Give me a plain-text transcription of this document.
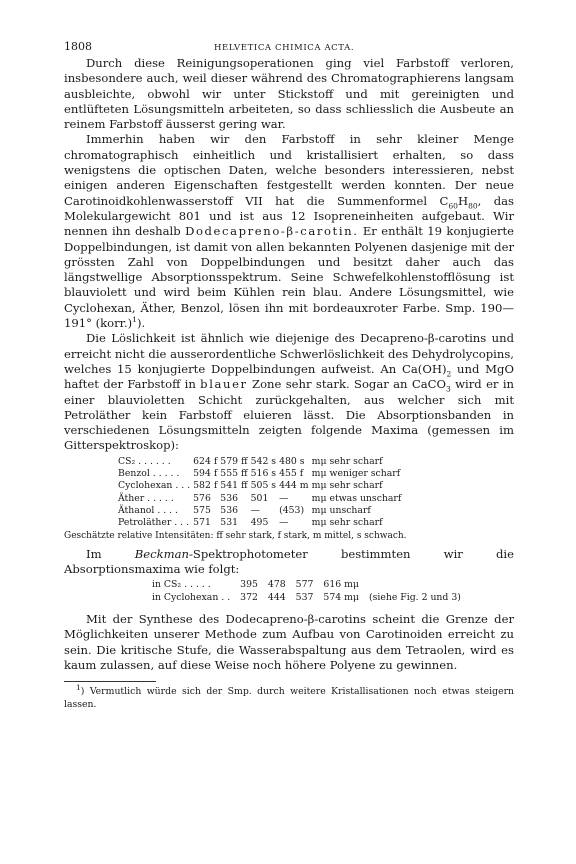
1808	HELVETICA CHIMICA ACTA.

Durch diese Reinigungsoperationen ging viel Farbstoff verloren, insbesondere auch, weil dieser während des Chromatographierens langsam ausbleichte, obwohl wir unter Stickstoff und mit gereinigten und entlüfteten Lösungsmitteln arbeiteten, so dass schliesslich die Ausbeute an reinem Farbstoff äusserst gering war.

Immerhin haben wir den Farbstoff in sehr kleiner Menge chromatographisch einheitlich und kristallisiert erhalten, so dass wenigstens die optischen Daten, welche besonders interessieren, nebst einigen anderen Eigenschaften festgestellt werden konnten. Der neue Carotinoidkohlenwasserstoff VII hat die Summenformel $C_{60}H_{80}$, das Molekulargewicht 801 und ist aus 12 Isopreneinheiten aufgebaut. Wir nennen ihn deshalb Dodecapreno-β-carotin. Er enthält 19 konjugierte Doppelbindungen, ist damit von allen bekannten Polyenen dasjenige mit der grössten Zahl von Doppelbindungen und besitzt daher auch das längstwellige Absorptionsspektrum. Seine Schwefelkohlenstofflösung ist blauviolett und wird beim Kühlen rein blau. Andere Lösungsmittel, wie Cyclohexan, Äther, Benzol, lösen ihn mit bordeauxroter Farbe. Smp. 190—191° (korr.)$^1$).

Die Löslichkeit ist ähnlich wie diejenige des Decapreno-β-carotins und erreicht nicht die ausserordentliche Schwerlöslichkeit des Dehydrolycopins, welches 15 konjugierte Doppelbindungen aufweist. An $Ca(OH)_2$ und MgO haftet der Farbstoff in blauer Zone sehr stark. Sogar an CaCO$_3$ wird er in einer blauvioletten Schicht zurückgehalten, aus welcher sich mit Petroläther kein Farbstoff eluieren lässt. Die Absorptionsbanden in verschiedenen Lösungsmitteln zeigten folgende Maxima (gemessen im Gitterspektroskop):

CS₂ . . . . . .	624 f	579 ff	542 s	480 s	mμ	sehr scharf
Benzol . . . . .	594 f	555 ff	516 s	455 f	mμ	weniger scharf
Cyclohexan . . .	582 f	541 ff	505 s	444 m	mμ	sehr scharf
Äther . . . . .	576	536	501	—	mμ	etwas unscharf
Äthanol . . . .	575	536	—	(453)	mμ	unscharf
Petroläther . . .	571	531	495	—	mμ	sehr scharf
Geschätzte relative Intensitäten: ff sehr stark, f stark, m mittel, s schwach.

Im Beckman-Spektrophotometer bestimmten wir die Absorptionsmaxima wie folgt:

in CS₂ . . . . .	395	478	577	616 mμ	
in Cyclohexan . .	372	444	537	574 mμ	(siehe Fig. 2 und 3)

Mit der Synthese des Dodecapreno-β-carotins scheint die Grenze der Möglichkeiten unserer Methode zum Aufbau von Carotinoiden erreicht zu sein. Die kritische Stufe, die Wasserabspaltung aus dem Tetraolen, wird es kaum zulassen, auf diese Weise noch höhere Polyene zu gewinnen.

$^1$) Vermutlich würde sich der Smp. durch weitere Kristallisationen noch etwas steigern lassen.
